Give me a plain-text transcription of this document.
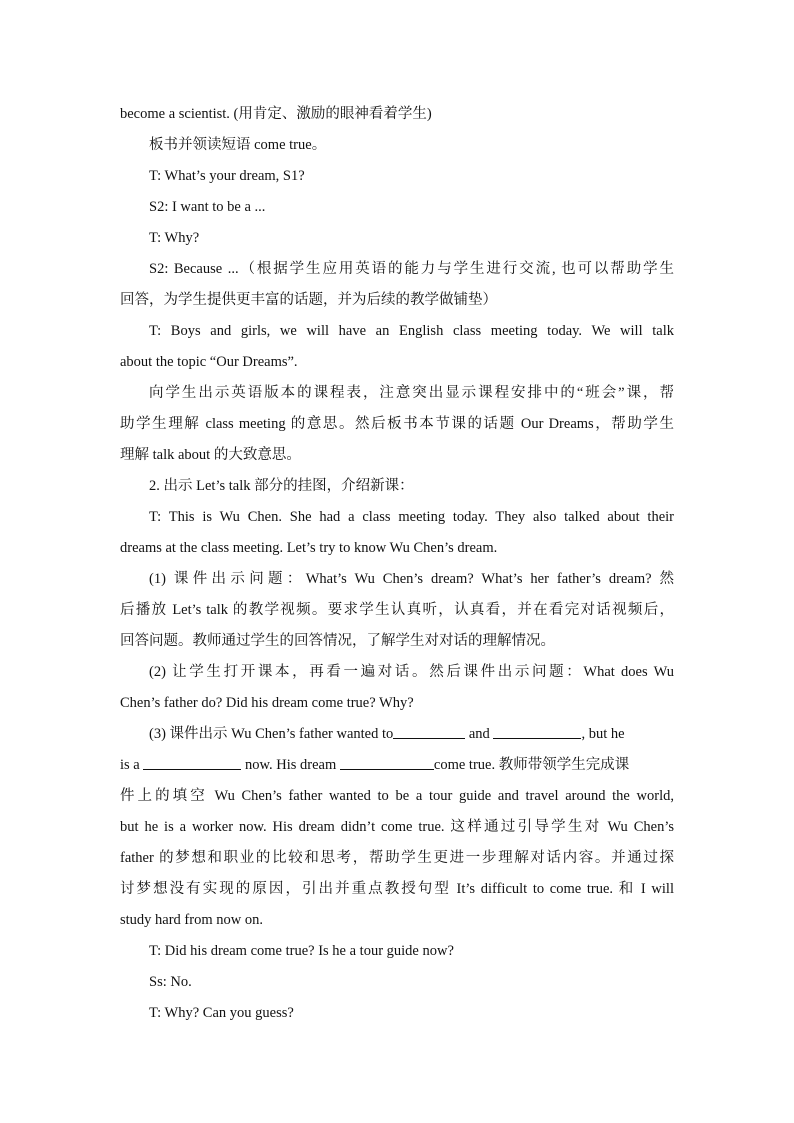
become a scientist. (用肯定、激励的眼神看着学生)

板书并领读短语 come true。

T: What’s your dream, S1?

S2: I want to be a ...

T: Why?

S2: Because ...（根据学生应用英语的能力与学生进行交流, 也可以帮助学生
回答，为学生提供更丰富的话题，并为后续的教学做铺垫）

T: Boys and girls, we will have an English class meeting today. We will talk
about the topic “Our Dreams”.

向学生出示英语版本的课程表，注意突出显示课程安排中的“班会”课，帮
助学生理解 class meeting 的意思。然后板书本节课的话题 Our Dreams，帮助学生
理解 talk about 的大致意思。

2. 出示 Let’s talk 部分的挂图，介绍新课：

T: This is Wu Chen. She had a class meeting today. They also talked about their
dreams at the class meeting. Let’s try to know Wu Chen’s dream.

(1) 课件出示问题：What’s Wu Chen’s dream? What’s her father’s dream? 然
后播放 Let’s talk 的教学视频。要求学生认真听，认真看，并在看完对话视频后，
回答问题。教师通过学生的回答情况，了解学生对对话的理解情况。

(2) 让学生打开课本，再看一遍对话。然后课件出示问题：What does Wu
Chen’s father do? Did his dream come true? Why?

(3) 课件出示 Wu Chen’s father wanted to	and	, but he
is a	now. His dream	come true. 教师带领学生完成课
件上的填空 Wu Chen’s father wanted to be a tour guide and travel around the world,
but he is a worker now. His dream didn’t come true. 这样通过引导学生对 Wu Chen’s
father 的梦想和职业的比较和思考，帮助学生更进一步理解对话内容。并通过探
讨梦想没有实现的原因，引出并重点教授句型 It’s difficult to come true. 和 I will
study hard from now on.

T: Did his dream come true? Is he a tour guide now?

Ss: No.

T: Why? Can you guess?
